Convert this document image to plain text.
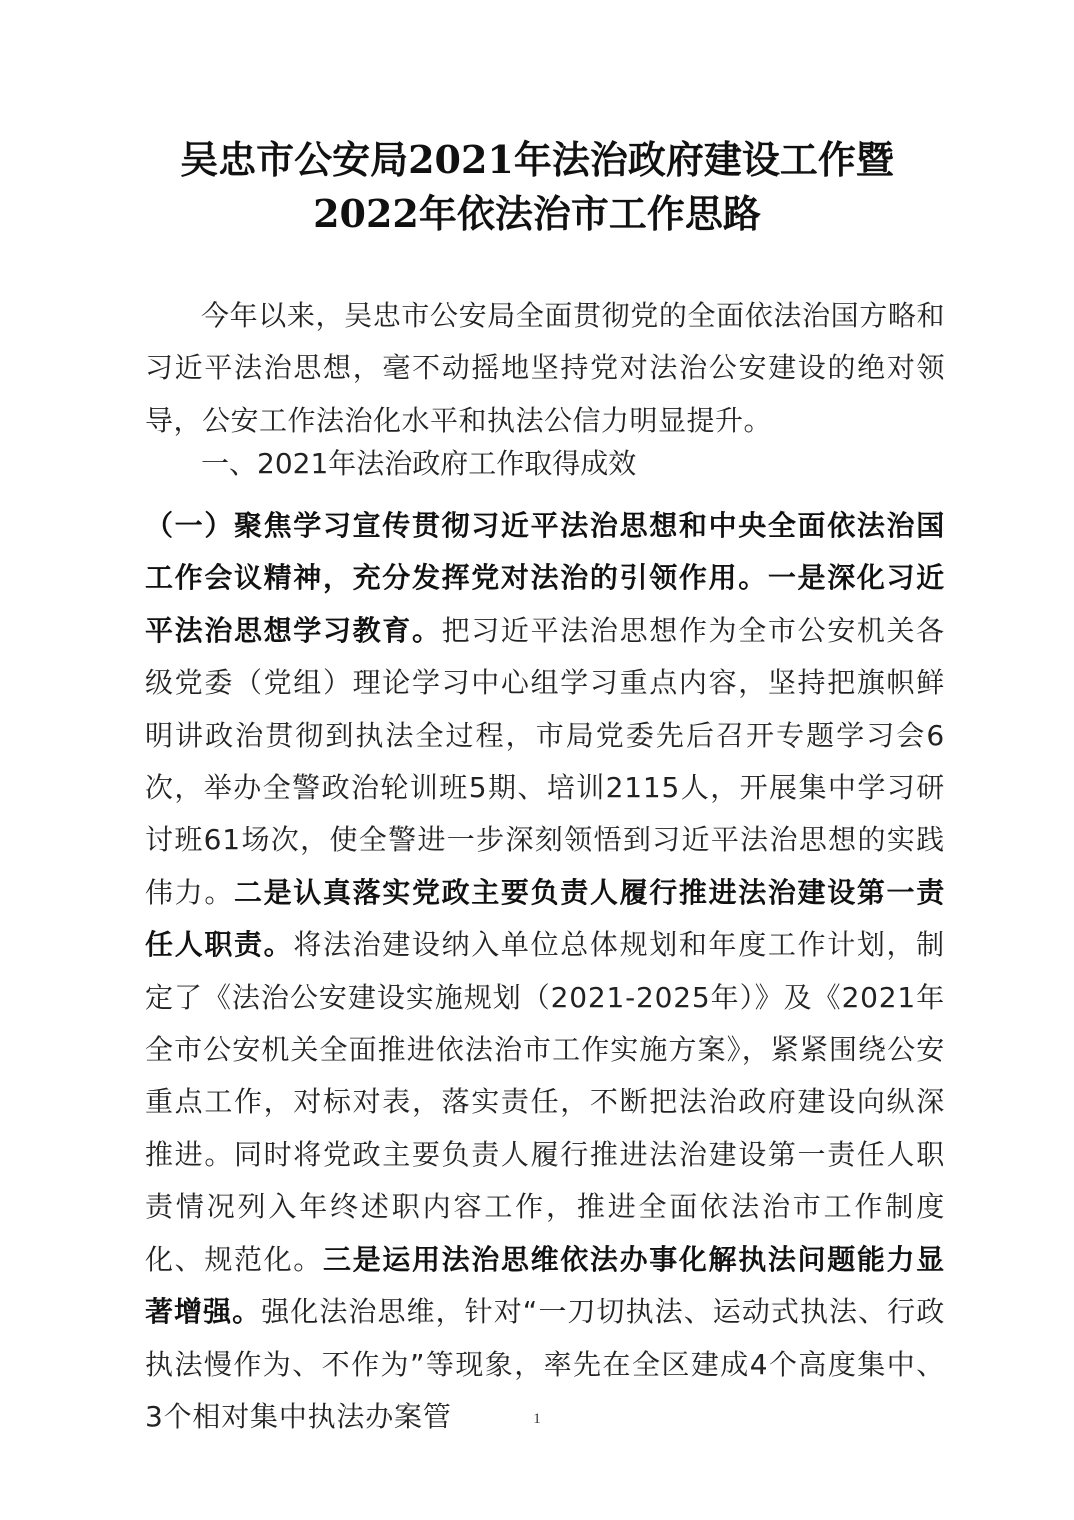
吴忠市公安局2021年法治政府建设工作暨
2022年依法治市工作思路

今年以来，吴忠市公安局全面贯彻党的全面依法治国方略和习近平法治思想，毫不动摇地坚持党对法治公安建设的绝对领导，公安工作法治化水平和执法公信力明显提升。

一、2021年法治政府工作取得成效

（一）聚焦学习宣传贯彻习近平法治思想和中央全面依法治国工作会议精神，充分发挥党对法治的引领作用。一是深化习近平法治思想学习教育。把习近平法治思想作为全市公安机关各级党委（党组）理论学习中心组学习重点内容，坚持把旗帜鲜明讲政治贯彻到执法全过程，市局党委先后召开专题学习会6次，举办全警政治轮训班5期、培训2115人，开展集中学习研讨班61场次，使全警进一步深刻领悟到习近平法治思想的实践伟力。二是认真落实党政主要负责人履行推进法治建设第一责任人职责。将法治建设纳入单位总体规划和年度工作计划，制定了《法治公安建设实施规划（2021-2025年）》及《2021年全市公安机关全面推进依法治市工作实施方案》，紧紧围绕公安重点工作，对标对表，落实责任，不断把法治政府建设向纵深推进。同时将党政主要负责人履行推进法治建设第一责任人职责情况列入年终述职内容工作，推进全面依法治市工作制度化、规范化。三是运用法治思维依法办事化解执法问题能力显著增强。强化法治思维，针对“一刀切执法、运动式执法、行政执法慢作为、不作为”等现象，率先在全区建成4个高度集中、3个相对集中执法办案管	1
